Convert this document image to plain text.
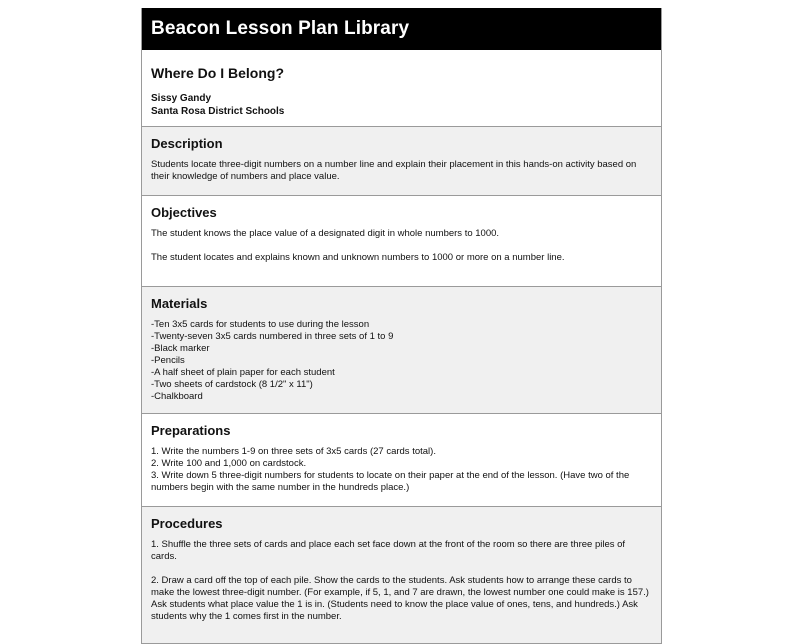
Beacon Lesson Plan Library
Where Do I Belong?
Sissy Gandy
Santa Rosa District Schools
Description

Students locate three-digit numbers on a number line and explain their placement in this hands-on activity based on their knowledge of numbers and place value.

Objectives

The student knows the place value of a designated digit in whole numbers to 1000.

The student locates and explains known and unknown numbers to 1000 or more on a number line.

Materials
-Ten 3x5 cards for students to use during the lesson
-Twenty-seven 3x5 cards numbered in three sets of 1 to 9
-Black marker
-Pencils
-A half sheet of plain paper for each student
-Two sheets of cardstock (8 1/2" x 11")
-Chalkboard
Preparations
1. Write the numbers 1-9 on three sets of 3x5 cards (27 cards total).
2. Write 100 and 1,000 on cardstock.
3. Write down 5 three-digit numbers for students to locate on their paper at the end of the lesson. (Have two of the numbers begin with the same number in the hundreds place.)
Procedures

1. Shuffle the three sets of cards and place each set face down at the front of the room so there are three piles of cards.

2. Draw a card off the top of each pile. Show the cards to the students. Ask students how to arrange these cards to make the lowest three-digit number. (For example, if 5, 1, and 7 are drawn, the lowest number one could make is 157.) Ask students what place value the 1 is in. (Students need to know the place value of ones, tens, and hundreds.) Ask students why the 1 comes first in the number.
